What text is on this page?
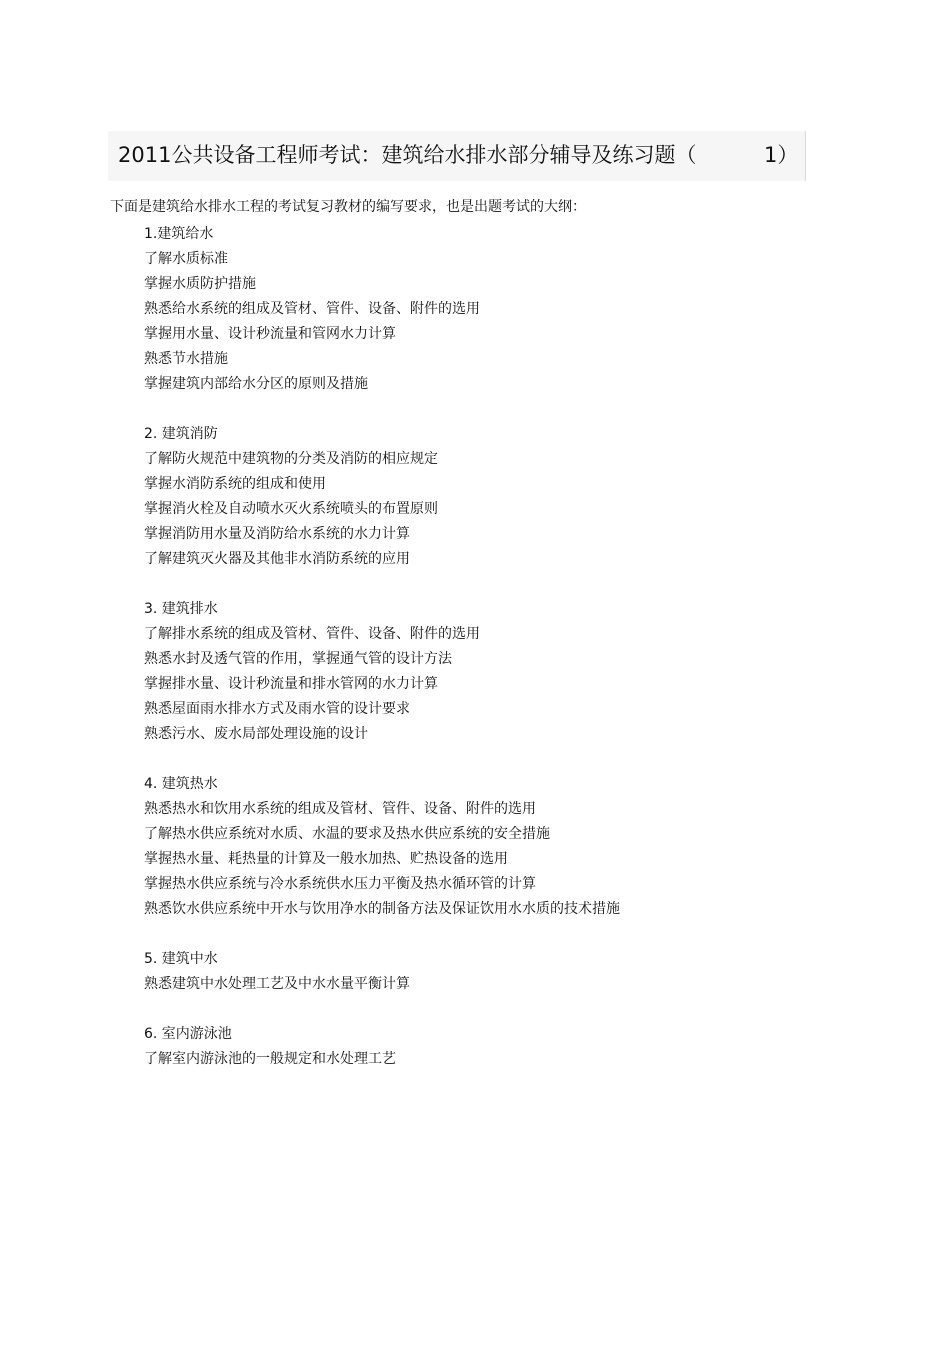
2011公共设备工程师考试：建筑给水排水部分辅导及练习题（	1）
下面是建筑给水排水工程的考试复习教材的编写要求，也是出题考试的大纲：
1.建筑给水
了解水质标准
掌握水质防护措施
熟悉给水系统的组成及管材、管件、设备、附件的选用
掌握用水量、设计秒流量和管网水力计算
熟悉节水措施
掌握建筑内部给水分区的原则及措施
2. 建筑消防
了解防火规范中建筑物的分类及消防的相应规定
掌握水消防系统的组成和使用
掌握消火栓及自动喷水灭火系统喷头的布置原则
掌握消防用水量及消防给水系统的水力计算
了解建筑灭火器及其他非水消防系统的应用
3. 建筑排水
了解排水系统的组成及管材、管件、设备、附件的选用
熟悉水封及透气管的作用，掌握通气管的设计方法
掌握排水量、设计秒流量和排水管网的水力计算
熟悉屋面雨水排水方式及雨水管的设计要求
熟悉污水、废水局部处理设施的设计
4. 建筑热水
熟悉热水和饮用水系统的组成及管材、管件、设备、附件的选用
了解热水供应系统对水质、水温的要求及热水供应系统的安全措施
掌握热水量、耗热量的计算及一般水加热、贮热设备的选用
掌握热水供应系统与冷水系统供水压力平衡及热水循环管的计算
熟悉饮水供应系统中开水与饮用净水的制备方法及保证饮用水水质的技术措施
5. 建筑中水
熟悉建筑中水处理工艺及中水水量平衡计算
6. 室内游泳池
了解室内游泳池的一般规定和水处理工艺
